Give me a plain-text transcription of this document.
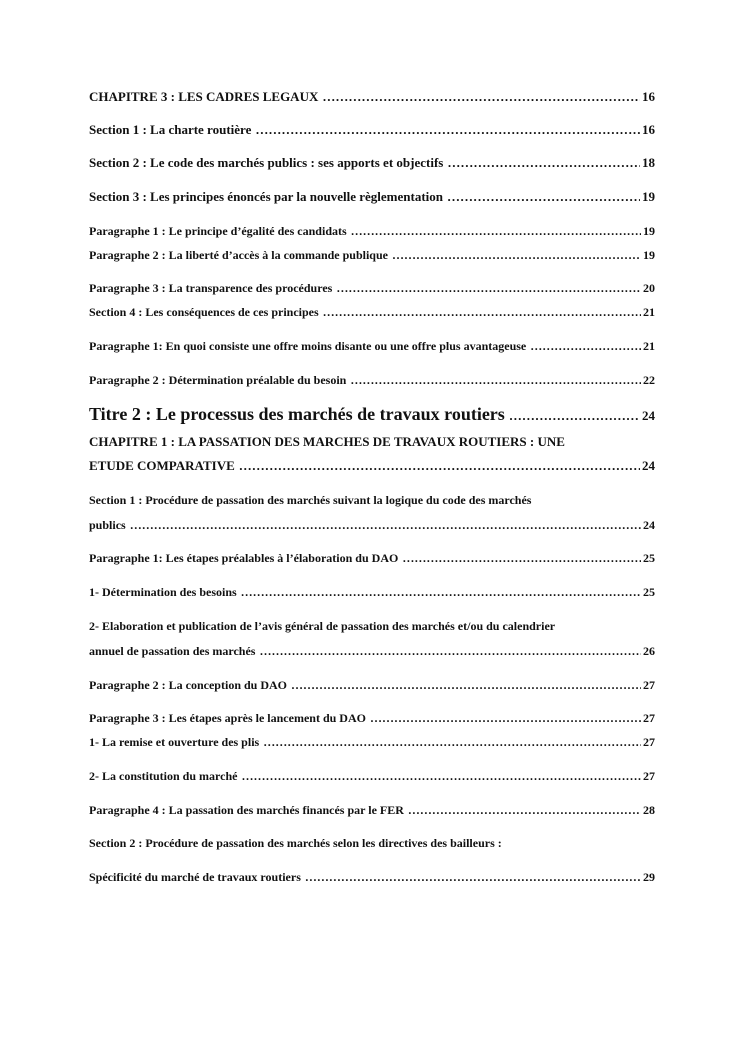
CHAPITRE 3 : LES CADRES LEGAUX …………………………………………………………………………………………………………………………………………………………………………………	16
Section 1 : La charte routière …………………………………………………………………………………………………………………………………………………………………………………	16
Section 2 : Le code des marchés publics : ses apports et objectifs …………………………………………………………………………………………………………………………………………………………………………………	18
Section 3 : Les principes énoncés par la nouvelle règlementation …………………………………………………………………………………………………………………………………………………………………………………	19
Paragraphe 1 : Le principe d’égalité des candidats …………………………………………………………………………………………………………………………………………………………………………………	19
Paragraphe 2 : La liberté d’accès à la commande publique …………………………………………………………………………………………………………………………………………………………………………………	19
Paragraphe 3 : La transparence des procédures …………………………………………………………………………………………………………………………………………………………………………………	20
Section 4 : Les conséquences de ces principes …………………………………………………………………………………………………………………………………………………………………………………	21
Paragraphe 1: En quoi consiste une offre moins disante ou une offre plus avantageuse …………………………………………………………………………………………………………………………………………………………………………………	21
Paragraphe 2 : Détermination préalable du besoin …………………………………………………………………………………………………………………………………………………………………………………	22
Titre 2 : Le processus des marchés de travaux routiers …………………………………………………………………………………………………………………………………………………………………………………	24
CHAPITRE 1 : LA PASSATION DES MARCHES DE TRAVAUX ROUTIERS : UNE
ETUDE COMPARATIVE …………………………………………………………………………………………………………………………………………………………………………………	24
Section 1 : Procédure de passation des marchés suivant la logique du code des marchés
publics …………………………………………………………………………………………………………………………………………………………………………………	24
Paragraphe 1: Les étapes préalables à l’élaboration du DAO …………………………………………………………………………………………………………………………………………………………………………………	25
1- Détermination des besoins …………………………………………………………………………………………………………………………………………………………………………………	25
2- Elaboration et publication de l’avis général de passation des marchés et/ou du calendrier
annuel de passation des marchés …………………………………………………………………………………………………………………………………………………………………………………	26
Paragraphe 2 : La conception du DAO …………………………………………………………………………………………………………………………………………………………………………………	27
Paragraphe 3 : Les étapes après le lancement du DAO …………………………………………………………………………………………………………………………………………………………………………………	27
1- La remise et ouverture des plis …………………………………………………………………………………………………………………………………………………………………………………	27
2- La constitution du marché …………………………………………………………………………………………………………………………………………………………………………………	27
Paragraphe 4 : La passation des marchés financés par le FER …………………………………………………………………………………………………………………………………………………………………………………	28
Section 2 : Procédure de passation des marchés selon les directives des bailleurs :
Spécificité du marché de travaux routiers …………………………………………………………………………………………………………………………………………………………………………………	29
